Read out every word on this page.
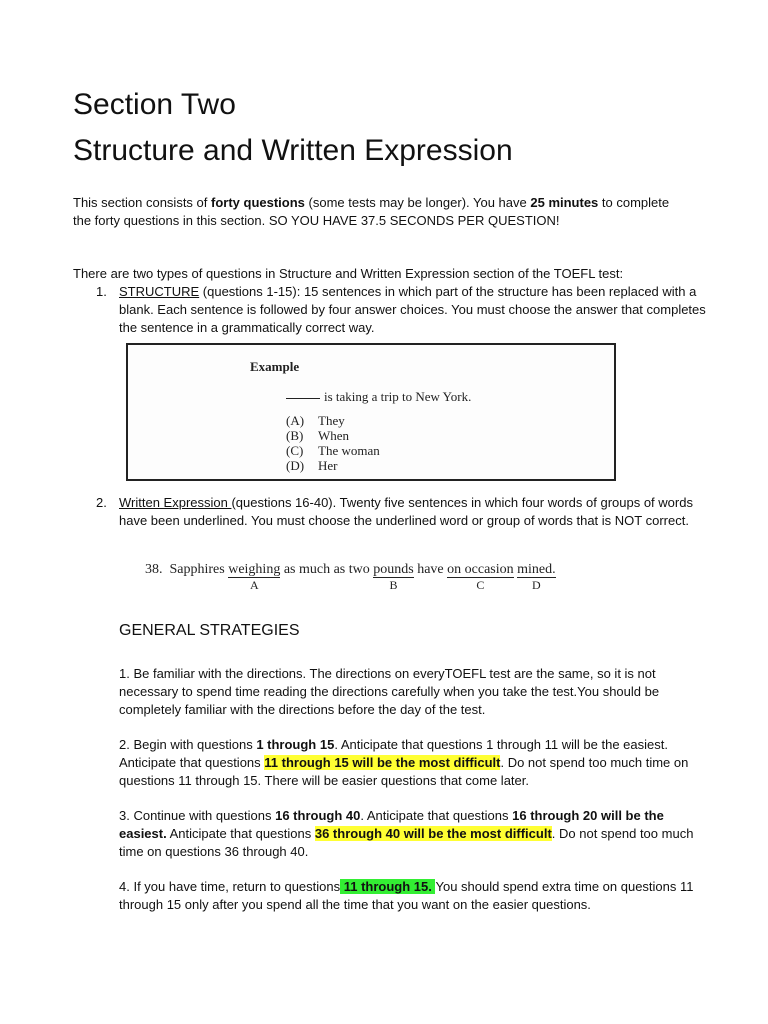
Section Two
Structure and Written Expression
This section consists of forty questions (some tests may be longer). You have 25 minutes to complete the forty questions in this section. SO YOU HAVE 37.5 SECONDS PER QUESTION!
There are two types of questions in Structure and Written Expression section of the TOEFL test:
1. STRUCTURE (questions 1-15): 15 sentences in which part of the structure has been replaced with a blank. Each sentence is followed by four answer choices. You must choose the answer that completes the sentence in a grammatically correct way.
Example
is taking a trip to New York.
(A) They
(B) When
(C) The woman
(D) Her
2. Written Expression (questions 16-40). Twenty five sentences in which four words of groups of words have been underlined. You must choose the underlined word or group of words that is NOT correct.
38. Sapphires weighing
A
as much as two pounds
B
have on occasion
C
mined.
D
GENERAL STRATEGIES
1. Be familiar with the directions. The directions on everyTOEFL test are the same, so it is not necessary to spend time reading the directions carefully when you take the test.You should be completely familiar with the directions before the day of the test.
2. Begin with questions 1 through 15. Anticipate that questions 1 through 11 will be the easiest. Anticipate that questions 11 through 15 will be the most difficult. Do not spend too much time on questions 11 through 15. There will be easier questions that come later.
3. Continue with questions 16 through 40. Anticipate that questions 16 through 20 will be the easiest. Anticipate that questions 36 through 40 will be the most difficult. Do not spend too much time on questions 36 through 40.
4. If you have time, return to questions 11 through 15. You should spend extra time on questions 11 through 15 only after you spend all the time that you want on the easier questions.
